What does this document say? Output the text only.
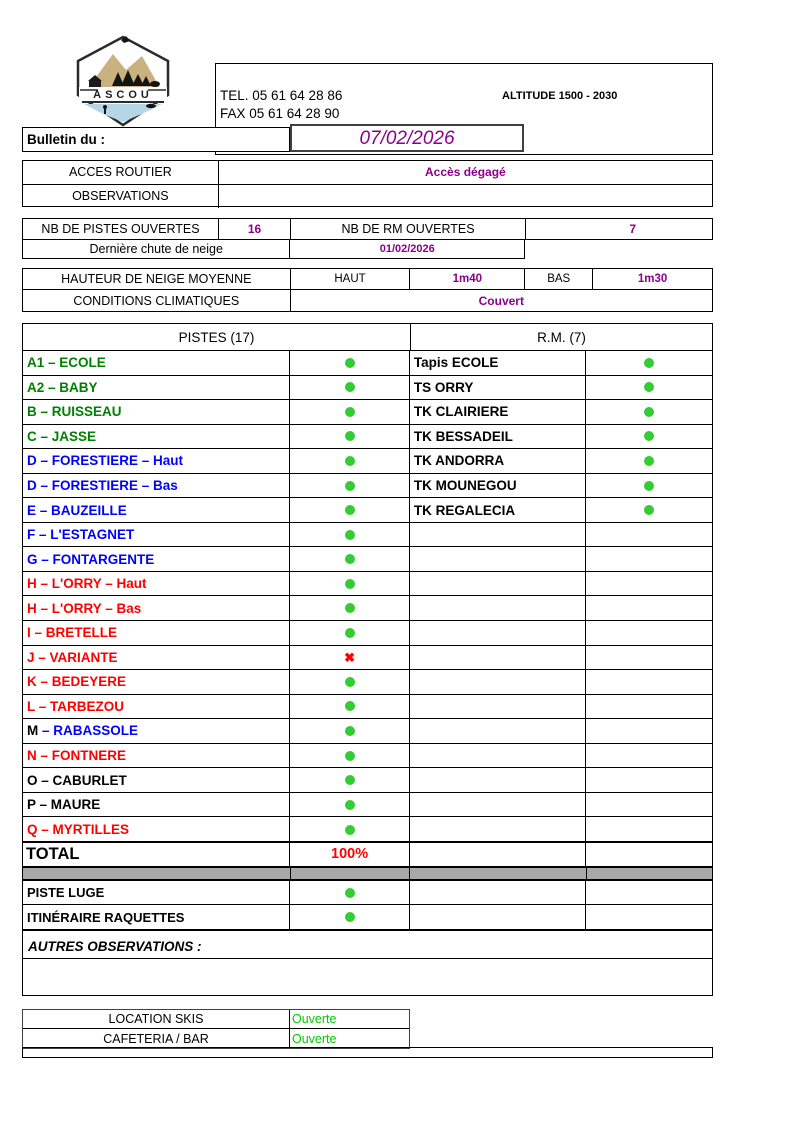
ASCOU	TEL. 05 61 64 28 86
FAX 05 61 64 28 90
ALTITUDE 1500 - 2030
Bulletin du :	07/02/2026
ACCES ROUTIER	Accès dégagé
OBSERVATIONS
NB DE PISTES OUVERTES	16	NB DE RM OUVERTES	7
Dernière chute de neige	01/02/2026
HAUTEUR DE NEIGE MOYENNE	HAUT	1m40	BAS	1m30
CONDITIONS CLIMATIQUES	Couvert
PISTES (17)	R.M. (7)
A1 – ECOLE	Tapis ECOLE
A2 – BABY	TS ORRY
B – RUISSEAU	TK CLAIRIERE
C – JASSE	TK BESSADEIL
D – FORESTIERE – Haut	TK ANDORRA
D – FORESTIERE – Bas	TK MOUNEGOU
E – BAUZEILLE	TK REGALECIA
F – L'ESTAGNET
G – FONTARGENTE
H – L'ORRY – Haut
H – L'ORRY – Bas
I – BRETELLE
J – VARIANTE	✖
K – BEDEYERE
L – TARBEZOU
M – RABASSOLE
N – FONTNERE
O – CABURLET
P – MAURE
Q – MYRTILLES
TOTAL	100%
PISTE LUGE
ITINÉRAIRE RAQUETTES
AUTRES OBSERVATIONS :
LOCATION SKIS	Ouverte
CAFETERIA / BAR	Ouverte
